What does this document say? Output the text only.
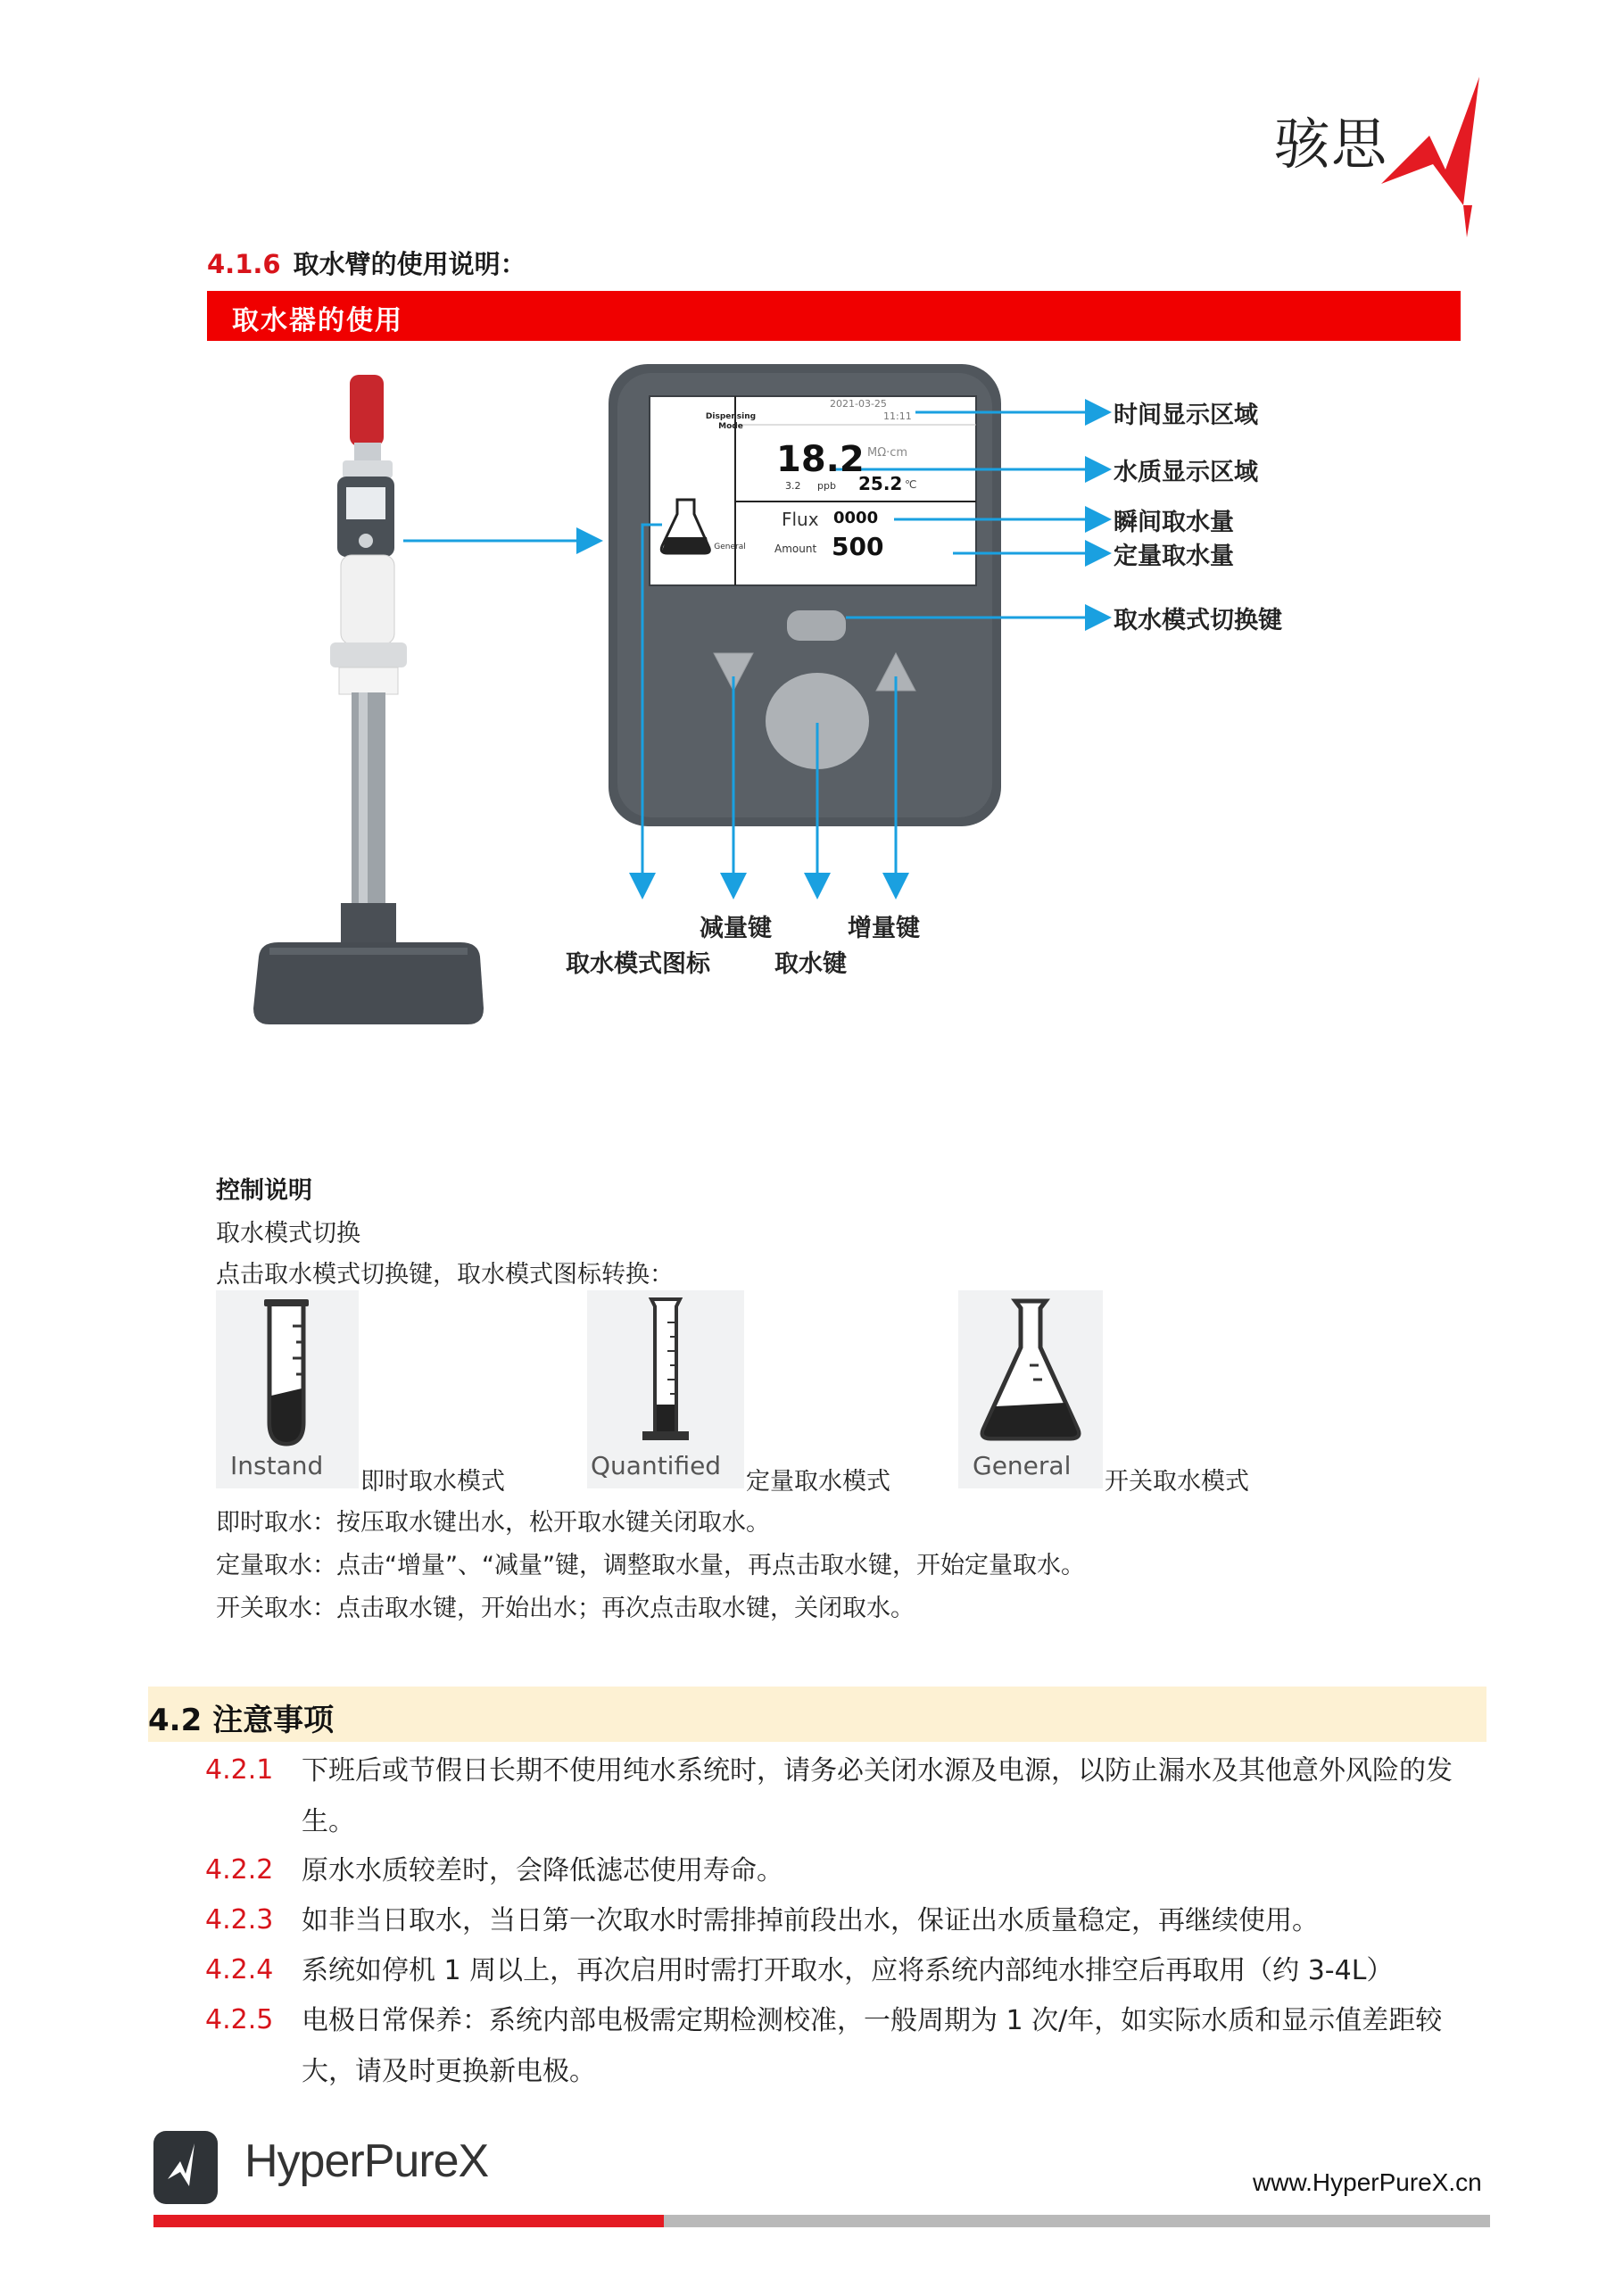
骇思
4.1.6 取水臂的使用说明：
取水器的使用
Dispensing Mode
2021-03-25
11:11
18.2 MΩ·cm
3.2 ppb 25.2 ℃
Flux 0000
Amount 500
General
时间显示区域
水质显示区域
瞬间取水量
定量取水量
取水模式切换键
减量键	增量键
取水模式图标	取水键
控制说明
取水模式切换
点击取水模式切换键，取水模式图标转换：
Instand
即时取水模式
Quantified
定量取水模式
General
开关取水模式
即时取水：按压取水键出水，松开取水键关闭取水。
定量取水：点击“增量”、“减量”键，调整取水量，再点击取水键，开始定量取水。
开关取水：点击取水键，开始出水；再次点击取水键，关闭取水。
4.2 注意事项
4.2.1 下班后或节假日长期不使用纯水系统时，请务必关闭水源及电源，以防止漏水及其他意外风险的发生。
4.2.2 原水水质较差时，会降低滤芯使用寿命。
4.2.3 如非当日取水，当日第一次取水时需排掉前段出水，保证出水质量稳定，再继续使用。
4.2.4 系统如停机 1 周以上，再次启用时需打开取水，应将系统内部纯水排空后再取用（约 3-4L）
4.2.5 电极日常保养：系统内部电极需定期检测校准，一般周期为 1 次/年，如实际水质和显示值差距较大，请及时更换新电极。
HyperPureX	www.HyperPureX.cn
